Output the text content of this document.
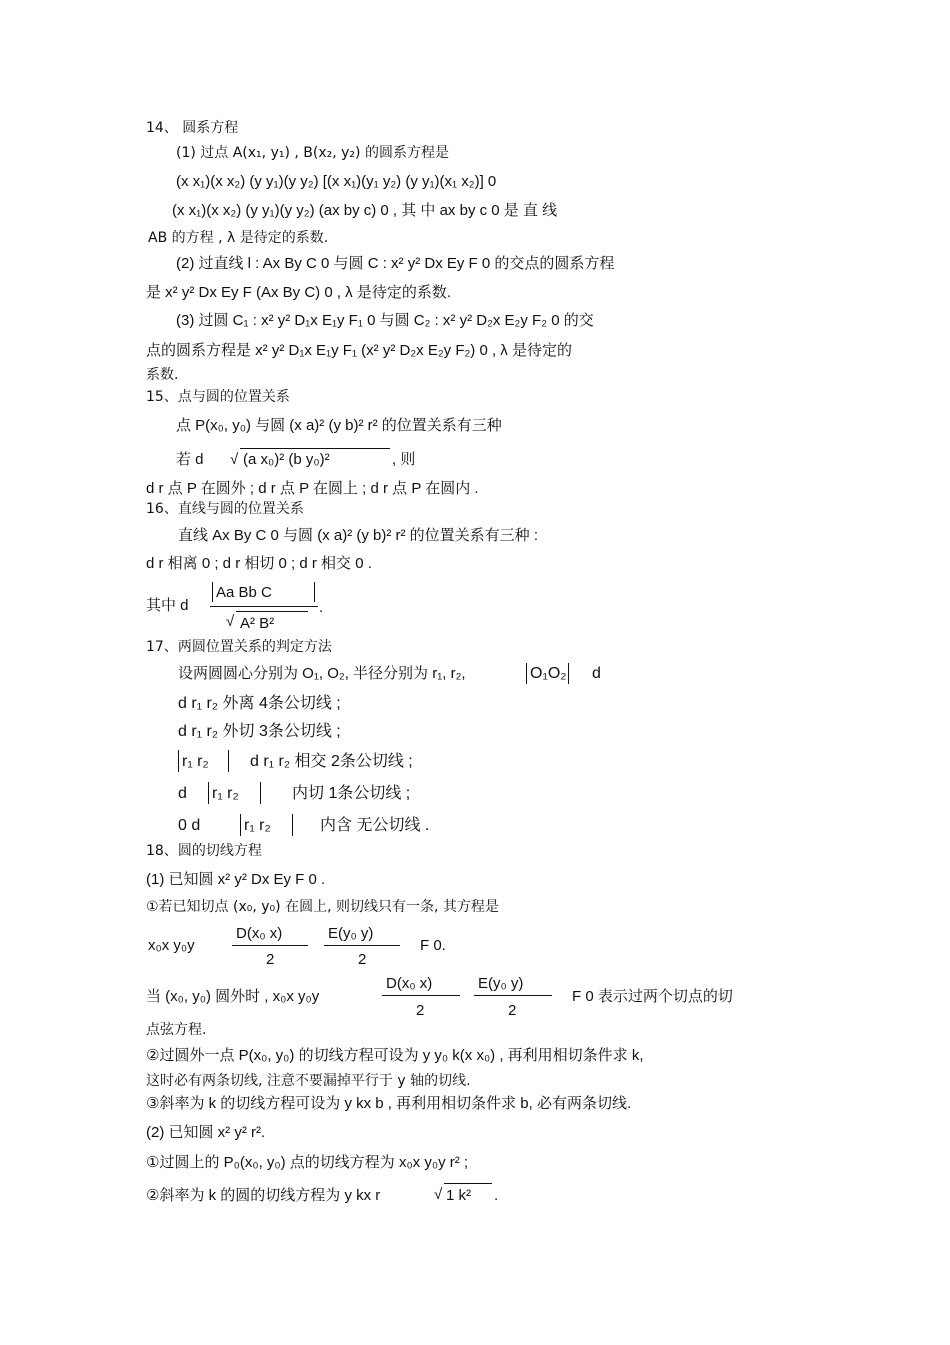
14、 圆系方程
(1) 过点 A(x₁, y₁) , B(x₂, y₂) 的圆系方程是
(x x₁)(x x₂) (y y₁)(y y₂) [(x x₁)(y₁ y₂) (y y₁)(x₁ x₂)] 0
(x x₁)(x x₂) (y y₁)(y y₂) (ax by c) 0 , 其 中 ax by c 0 是 直 线
AB 的方程 , λ 是待定的系数.
(2) 过直线 l : Ax By C 0 与圆 C : x² y² Dx Ey F 0 的交点的圆系方程
是 x² y² Dx Ey F (Ax By C) 0 , λ 是待定的系数.
(3) 过圆 C₁ : x² y² D₁x E₁y F₁ 0 与圆 C₂ : x² y² D₂x E₂y F₂ 0 的交
点的圆系方程是 x² y² D₁x E₁y F₁ (x² y² D₂x E₂y F₂) 0 , λ 是待定的
系数.
15、点与圆的位置关系
点 P(x₀, y₀) 与圆 (x a)² (y b)² r² 的位置关系有三种
若 d √ (a x₀)² (b y₀)²	, 则
d r 点 P 在圆外 ; d r 点 P 在圆上 ; d r 点 P 在圆内 .
16、直线与圆的位置关系
直线 Ax By C 0 与圆 (x a)² (y b)² r² 的位置关系有三种 :
d r 相离 0 ; d r 相切 0 ; d r 相交 0 .
其中 d
Aa Bb C
√ A² B²
.
17、两圆位置关系的判定方法
设两圆圆心分别为 O₁, O₂, 半径分别为 r₁, r₂,	O₁O₂ d
d r₁ r₂ 外离 4条公切线 ;
d r₁ r₂ 外切 3条公切线 ;
r₁ r₂	d r₁ r₂ 相交 2条公切线 ;
d r₁ r₂	内切 1条公切线 ;
0 d	r₁ r₂	内含 无公切线 .
18、圆的切线方程
(1) 已知圆 x² y² Dx Ey F 0 .
①若已知切点 (x₀, y₀) 在圆上, 则切线只有一条, 其方程是
x₀x y₀y
D(x₀ x)
2
E(y₀ y)
2
F 0.
当 (x₀, y₀) 圆外时 , x₀x y₀y
D(x₀ x)
2
E(y₀ y)
2
F 0 表示过两个切点的切
点弦方程.
②过圆外一点 P(x₀, y₀) 的切线方程可设为 y y₀ k(x x₀) , 再利用相切条件求 k,
这时必有两条切线, 注意不要漏掉平行于 y 轴的切线.
③斜率为 k 的切线方程可设为 y kx b , 再利用相切条件求 b, 必有两条切线.
(2) 已知圆 x² y² r².
①过圆上的 P₀(x₀, y₀) 点的切线方程为 x₀x y₀y r² ;
②斜率为 k 的圆的切线方程为 y kx r	√ 1 k² .
